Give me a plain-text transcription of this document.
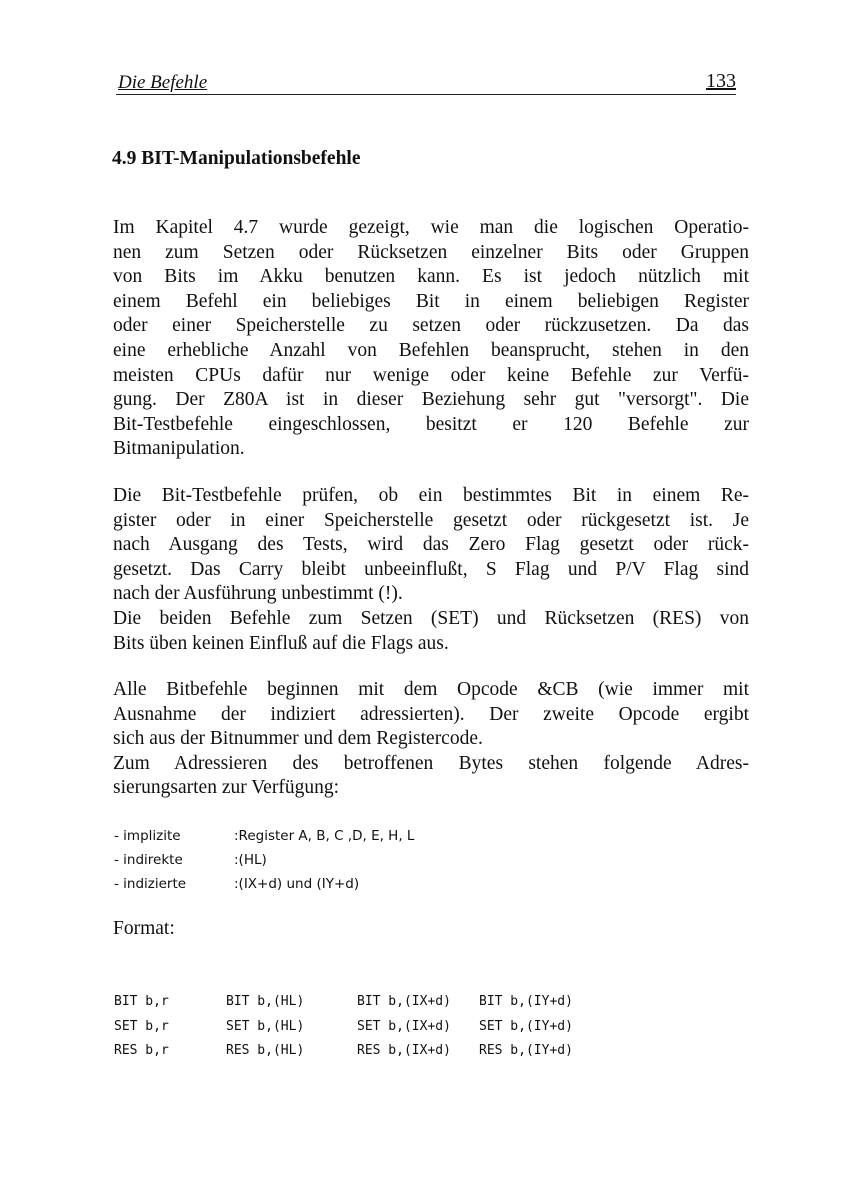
Die Befehle	133
4.9 BIT-Manipulationsbefehle
Im Kapitel 4.7 wurde gezeigt, wie man die logischen Operatio-
nen zum Setzen oder Rücksetzen einzelner Bits oder Gruppen
von Bits im Akku benutzen kann. Es ist jedoch nützlich mit
einem Befehl ein beliebiges Bit in einem beliebigen Register
oder einer Speicherstelle zu setzen oder rückzusetzen. Da das
eine erhebliche Anzahl von Befehlen beansprucht, stehen in den
meisten CPUs dafür nur wenige oder keine Befehle zur Verfü-
gung. Der Z80A ist in dieser Beziehung sehr gut "versorgt". Die
Bit-Testbefehle eingeschlossen, besitzt er 120 Befehle zur
Bitmanipulation.
Die Bit-Testbefehle prüfen, ob ein bestimmtes Bit in einem Re-
gister oder in einer Speicherstelle gesetzt oder rückgesetzt ist. Je
nach Ausgang des Tests, wird das Zero Flag gesetzt oder rück-
gesetzt. Das Carry bleibt unbeeinflußt, S Flag und P/V Flag sind
nach der Ausführung unbestimmt (!).
Die beiden Befehle zum Setzen (SET) und Rücksetzen (RES) von
Bits üben keinen Einfluß auf die Flags aus.
Alle Bitbefehle beginnen mit dem Opcode &CB (wie immer mit
Ausnahme der indiziert adressierten). Der zweite Opcode ergibt
sich aus der Bitnummer und dem Registercode.
Zum Adressieren des betroffenen Bytes stehen folgende Adres-
sierungsarten zur Verfügung:
- implizite	:Register A, B, C ,D, E, H, L
- indirekte	:(HL)
- indizierte	:(IX+d) und (IY+d)
Format:
BIT b,r	BIT b,(HL)	BIT b,(IX+d)	BIT b,(IY+d)
SET b,r	SET b,(HL)	SET b,(IX+d)	SET b,(IY+d)
RES b,r	RES b,(HL)	RES b,(IX+d)	RES b,(IY+d)
